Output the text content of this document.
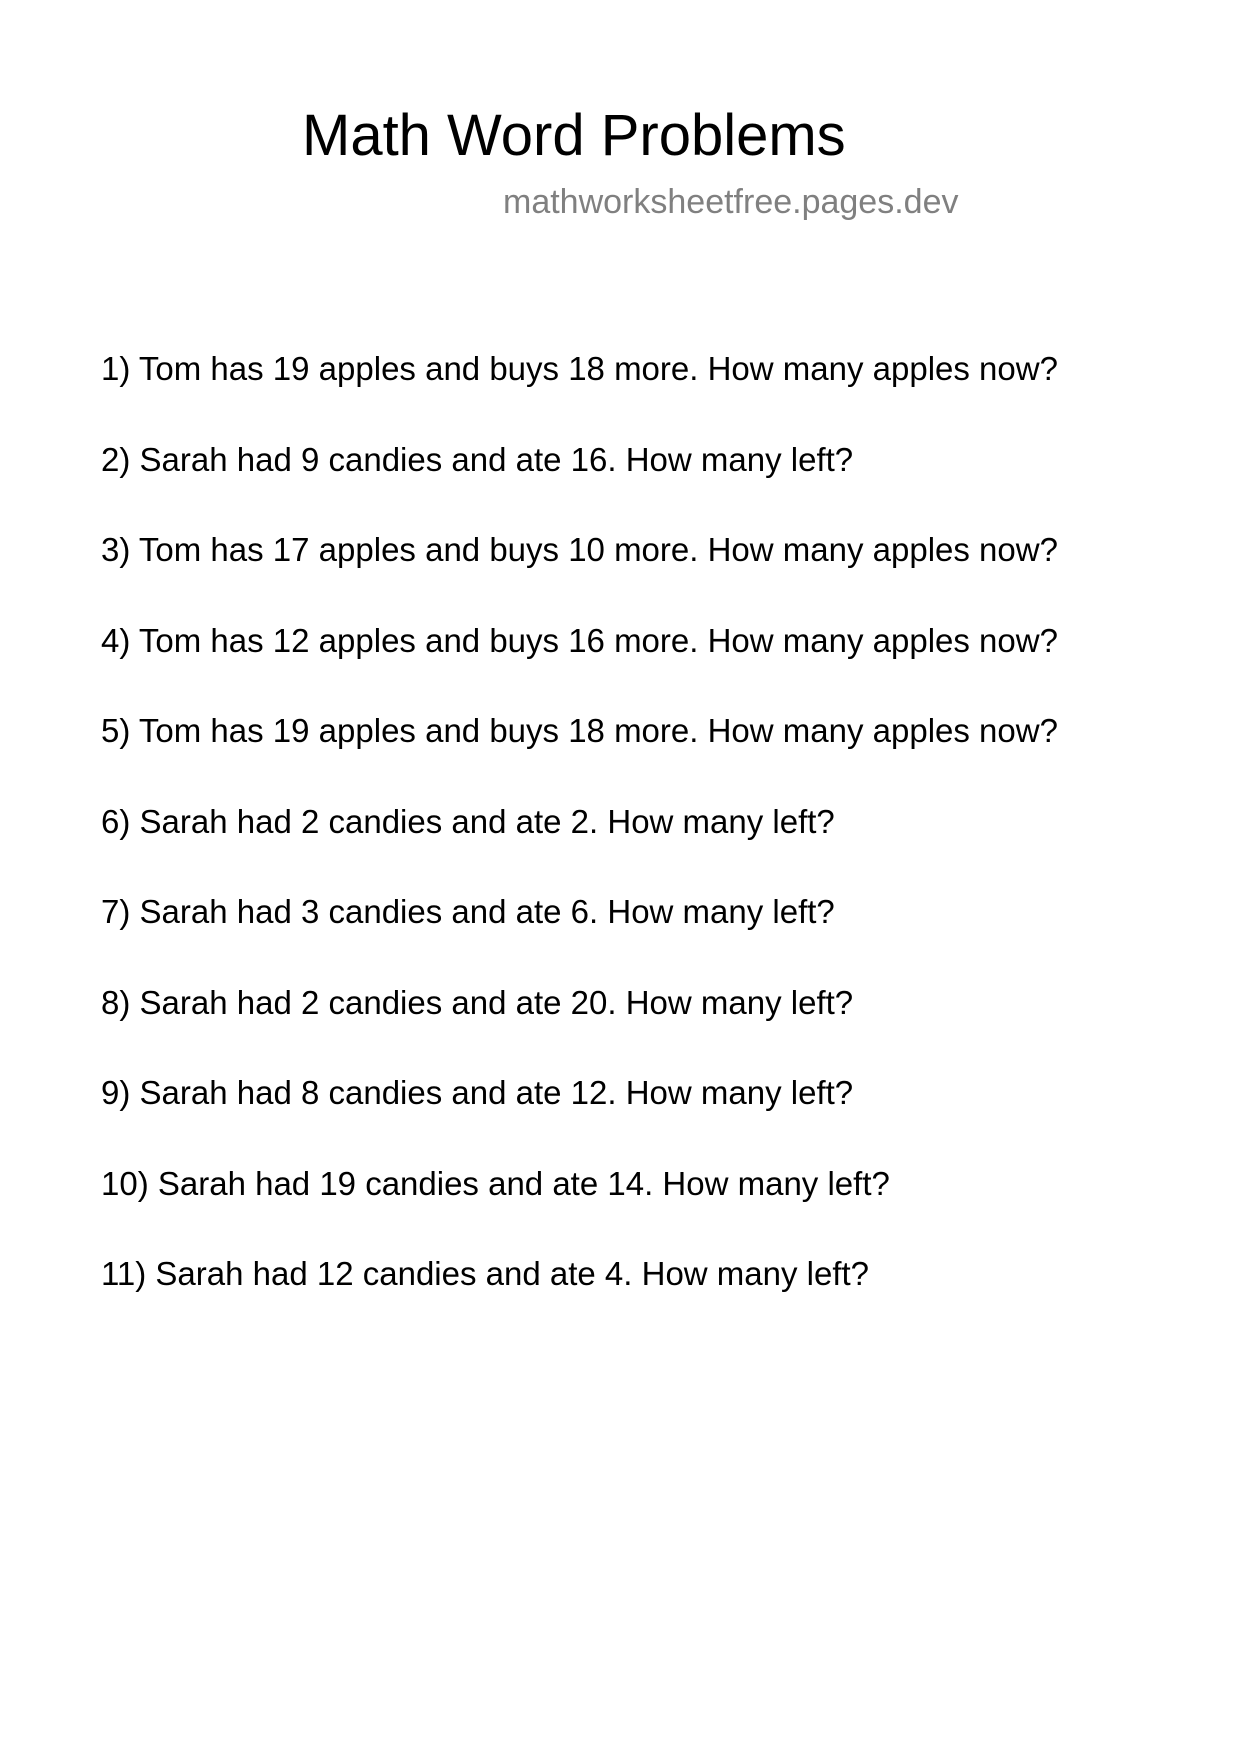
Math Word Problems
mathworksheetfree.pages.dev
1) Tom has 19 apples and buys 18 more. How many apples now?
2) Sarah had 9 candies and ate 16. How many left?
3) Tom has 17 apples and buys 10 more. How many apples now?
4) Tom has 12 apples and buys 16 more. How many apples now?
5) Tom has 19 apples and buys 18 more. How many apples now?
6) Sarah had 2 candies and ate 2. How many left?
7) Sarah had 3 candies and ate 6. How many left?
8) Sarah had 2 candies and ate 20. How many left?
9) Sarah had 8 candies and ate 12. How many left?
10) Sarah had 19 candies and ate 14. How many left?
11) Sarah had 12 candies and ate 4. How many left?
